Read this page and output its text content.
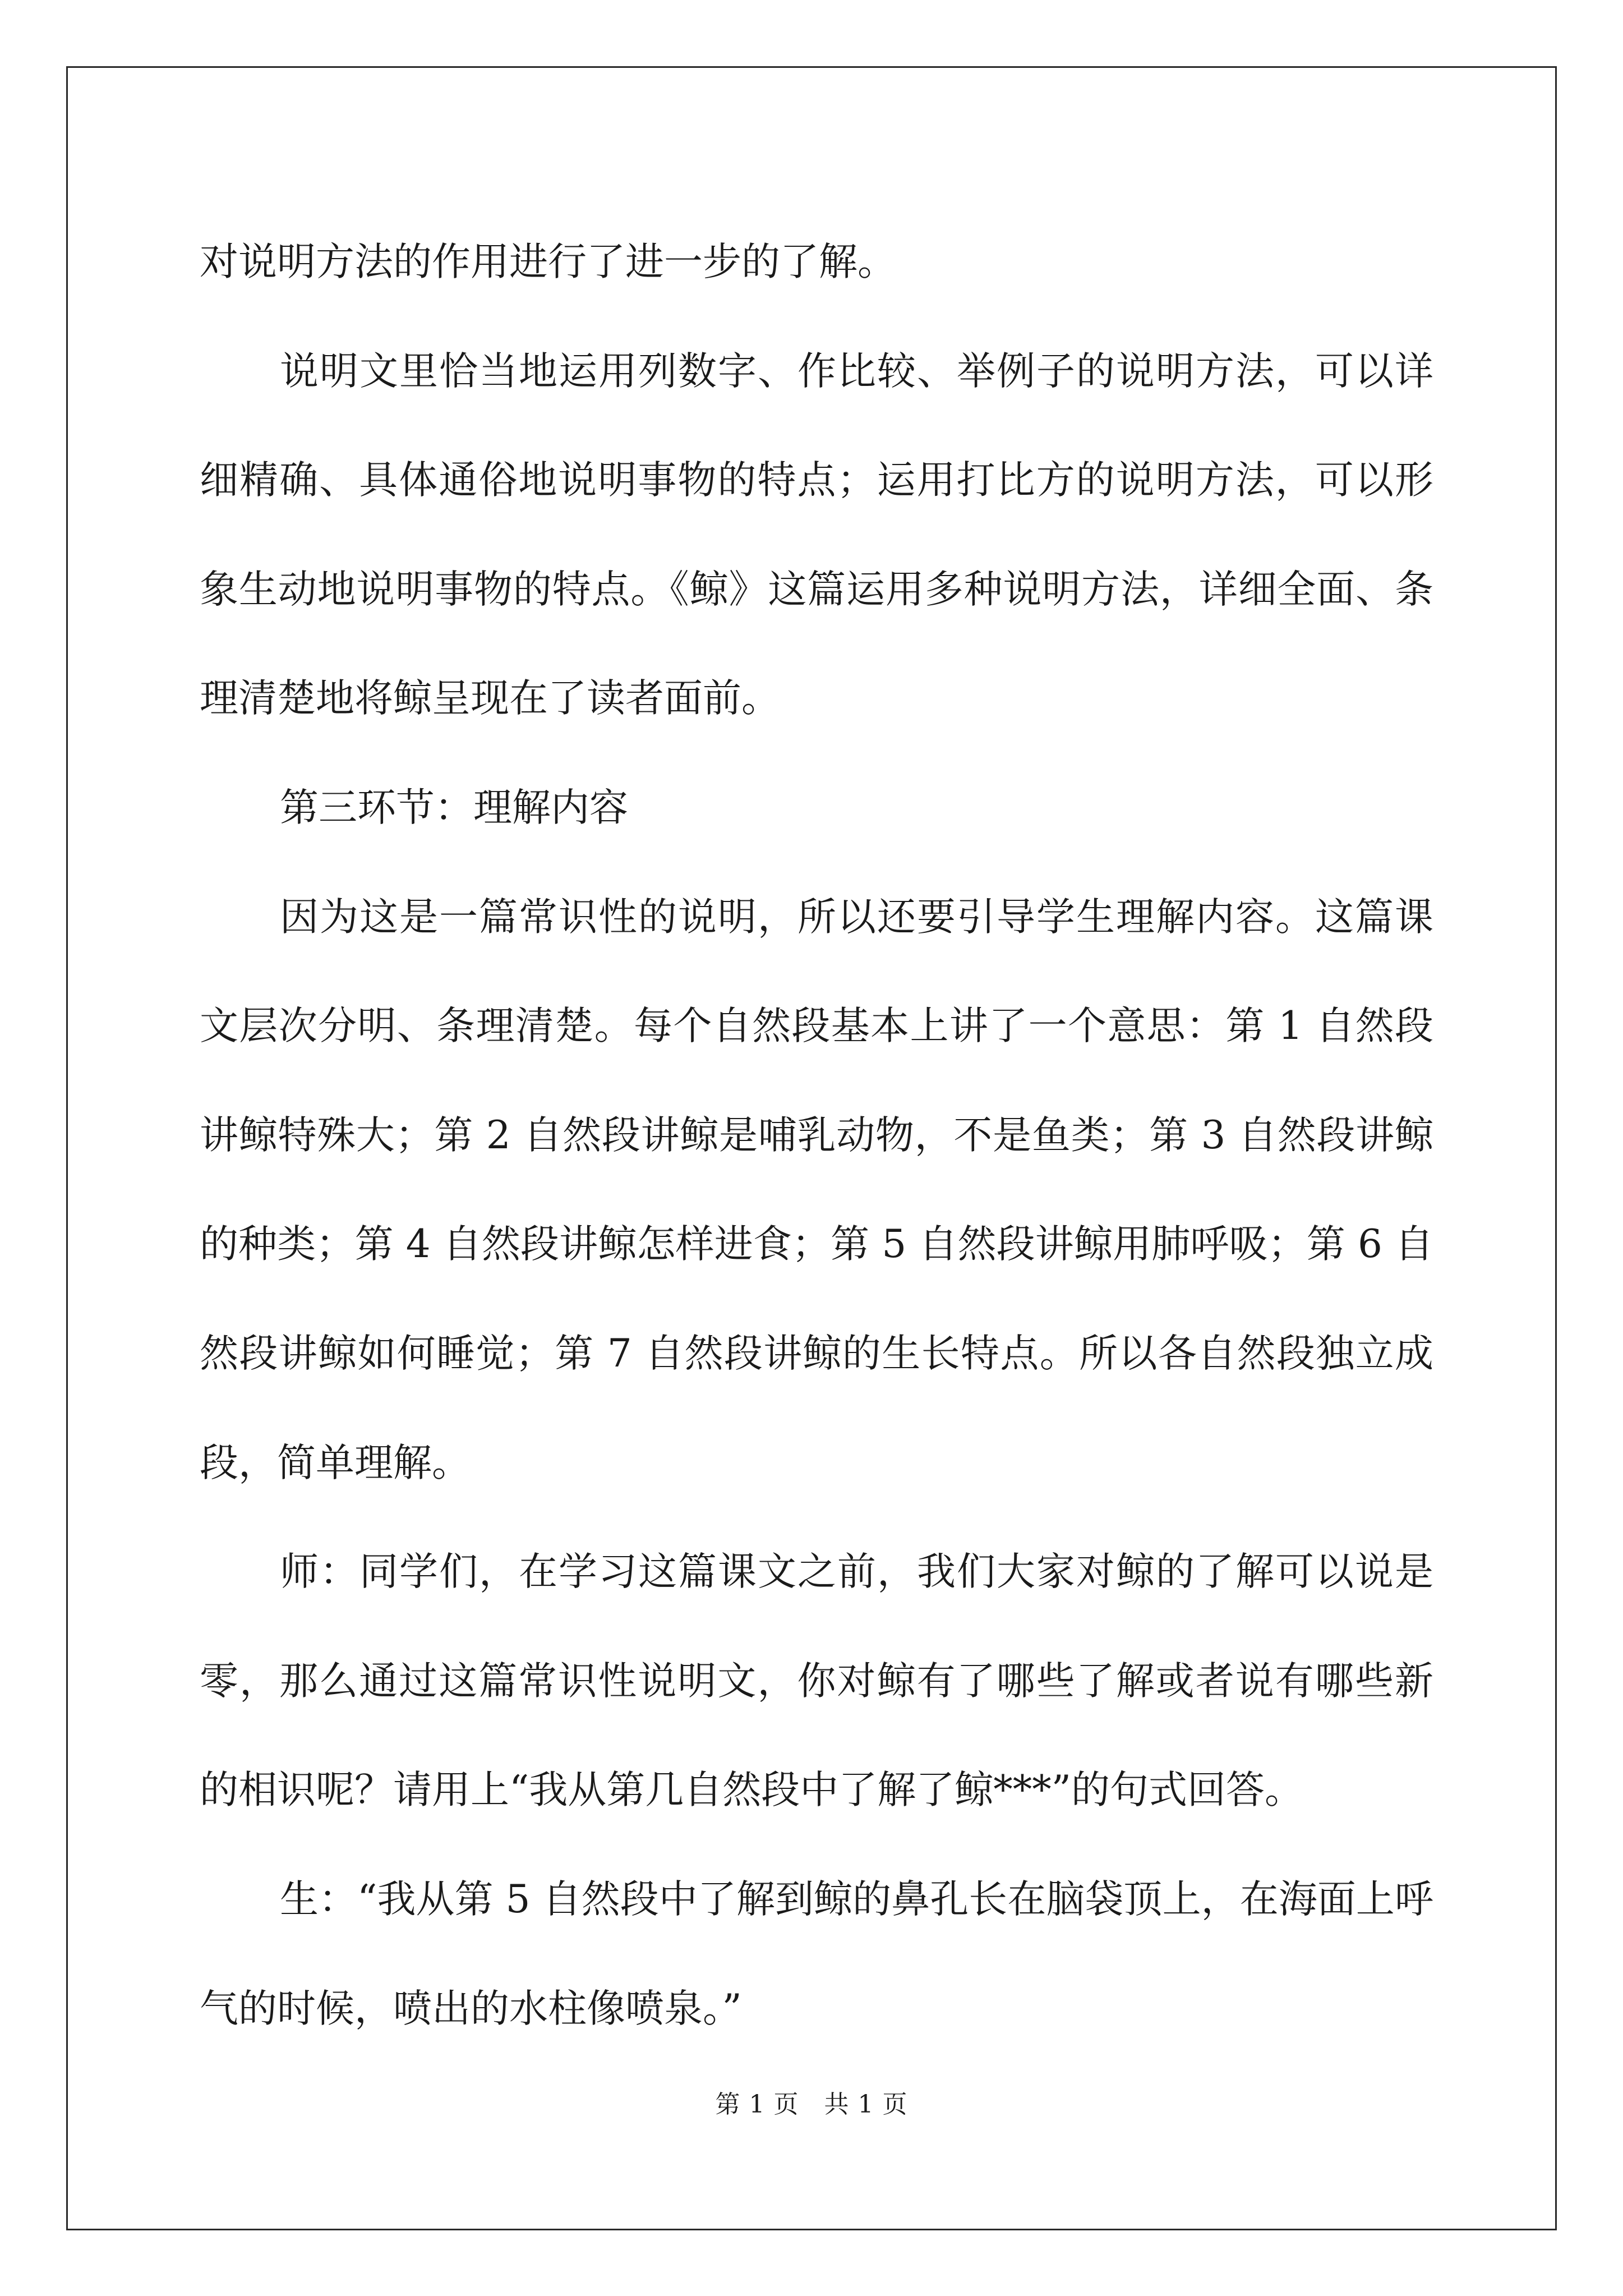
对说明方法的作用进行了进一步的了解。

说明文里恰当地运用列数字、作比较、举例子的说明方法，可以详细精确、具体通俗地说明事物的特点；运用打比方的说明方法，可以形象生动地说明事物的特点。《鲸》这篇运用多种说明方法，详细全面、条理清楚地将鲸呈现在了读者面前。

第三环节：理解内容

因为这是一篇常识性的说明，所以还要引导学生理解内容。这篇课文层次分明、条理清楚。每个自然段基本上讲了一个意思：第 1 自然段讲鲸特殊大；第 2 自然段讲鲸是哺乳动物，不是鱼类；第 3 自然段讲鲸的种类；第 4 自然段讲鲸怎样进食；第 5 自然段讲鲸用肺呼吸；第 6 自然段讲鲸如何睡觉；第 7 自然段讲鲸的生长特点。所以各自然段独立成段，简单理解。

师：同学们，在学习这篇课文之前，我们大家对鲸的了解可以说是零，那么通过这篇常识性说明文，你对鲸有了哪些了解或者说有哪些新的相识呢？请用上“我从第几自然段中了解了鲸***”的句式回答。

生：“我从第 5 自然段中了解到鲸的鼻孔长在脑袋顶上，在海面上呼气的时候，喷出的水柱像喷泉。”

第 1 页　共 1 页
